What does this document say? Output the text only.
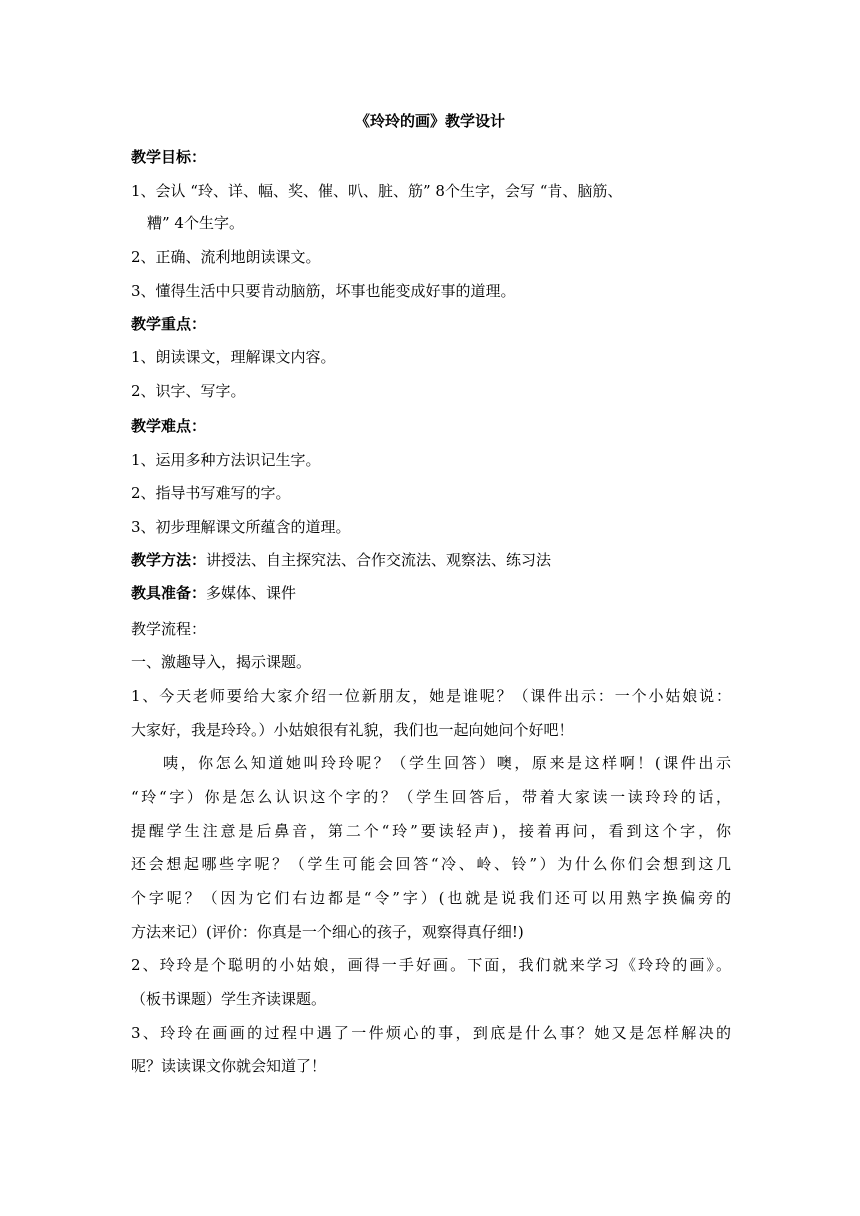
《玲玲的画》教学设计
教学目标：
1、会认 “玲、详、幅、奖、催、叭、脏、筋” 8个生字，会写 “肯、脑筋、
糟” 4个生字。
2、正确、流利地朗读课文。
3、懂得生活中只要肯动脑筋，坏事也能变成好事的道理。
教学重点：
1、朗读课文，理解课文内容。
2、识字、写字。
教学难点：
1、运用多种方法识记生字。
2、指导书写难写的字。
3、初步理解课文所蕴含的道理。
教学方法：讲授法、自主探究法、合作交流法、观察法、练习法
教具准备：多媒体、课件
教学流程：
一、激趣导入，揭示课题。
1、今天老师要给大家介绍一位新朋友，她是谁呢？（课件出示：一个小姑娘说：
大家好，我是玲玲。）小姑娘很有礼貌，我们也一起向她问个好吧！
咦，你怎么知道她叫玲玲呢？（学生回答）噢，原来是这样啊！(课件出示
“玲“字）你是怎么认识这个字的？（学生回答后，带着大家读一读玲玲的话，
提醒学生注意是后鼻音，第二个“玲”要读轻声)，接着再问，看到这个字，你
还会想起哪些字呢？（学生可能会回答“冷、岭、铃”）为什么你们会想到这几
个字呢？（因为它们右边都是“令”字）(也就是说我们还可以用熟字换偏旁的
方法来记）(评价：你真是一个细心的孩子，观察得真仔细!)
2、玲玲是个聪明的小姑娘，画得一手好画。下面，我们就来学习《玲玲的画》。
（板书课题）学生齐读课题。
3、玲玲在画画的过程中遇了一件烦心的事，到底是什么事？她又是怎样解决的
呢？读读课文你就会知道了！
